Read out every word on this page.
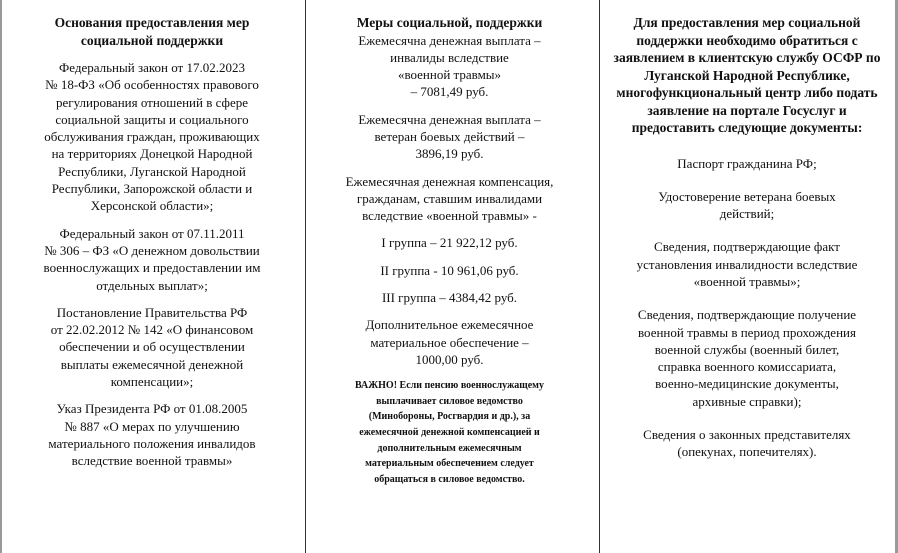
Основания предоставления мер
социальной поддержки

Федеральный закон от 17.02.2023
№ 18-ФЗ «Об особенностях правового
регулирования отношений в сфере
социальной защиты и социального
обслуживания граждан, проживающих
на территориях Донецкой Народной
Республики, Луганской Народной
Республики, Запорожской области и
Херсонской области»;

Федеральный закон от 07.11.2011
№ 306 – ФЗ «О денежном довольствии
военнослужащих и предоставлении им
отдельных выплат»;

Постановление Правительства РФ
от 22.02.2012 № 142 «О финансовом
обеспечении и об осуществлении
выплаты ежемесячной денежной
компенсации»;

Указ Президента РФ от 01.08.2005
№ 887 «О мерах по улучшению
материального положения инвалидов
вследствие военной травмы»

Меры социальной, поддержки

Ежемесячна денежная выплата –
инвалиды вследствие
«военной травмы»
– 7081,49 руб.

Ежемесячна денежная выплата –
ветеран боевых действий –
3896,19 руб.

Ежемесячная денежная компенсация,
гражданам, ставшим инвалидами
вследствие «военной травмы» -

I группа – 21 922,12 руб.

II группа - 10 961,06 руб.

III группа – 4384,42 руб.

Дополнительное ежемесячное
материальное обеспечение –
1000,00 руб.

ВАЖНО! Если пенсию военнослужащему
выплачивает силовое ведомство
(Минобороны, Росгвардия и др.), за
ежемесячной денежной компенсацией и
дополнительным ежемесячным
материальным обеспечением следует
обращаться в силовое ведомство.

Для предоставления мер социальной поддержки необходимо обратиться с заявлением в клиентскую службу ОСФР по Луганской Народной Республике, многофункциональный центр либо подать заявление на портале Госуслуг и предоставить следующие документы:

Паспорт гражданина РФ;

Удостоверение ветерана боевых
действий;

Сведения, подтверждающие факт
установления инвалидности вследствие
«военной травмы»;

Сведения, подтверждающие получение
военной травмы в период прохождения
военной службы (военный билет,
справка военного комиссариата,
военно-медицинские документы,
архивные справки);

Сведения о законных представителях
(опекунах, попечителях).
